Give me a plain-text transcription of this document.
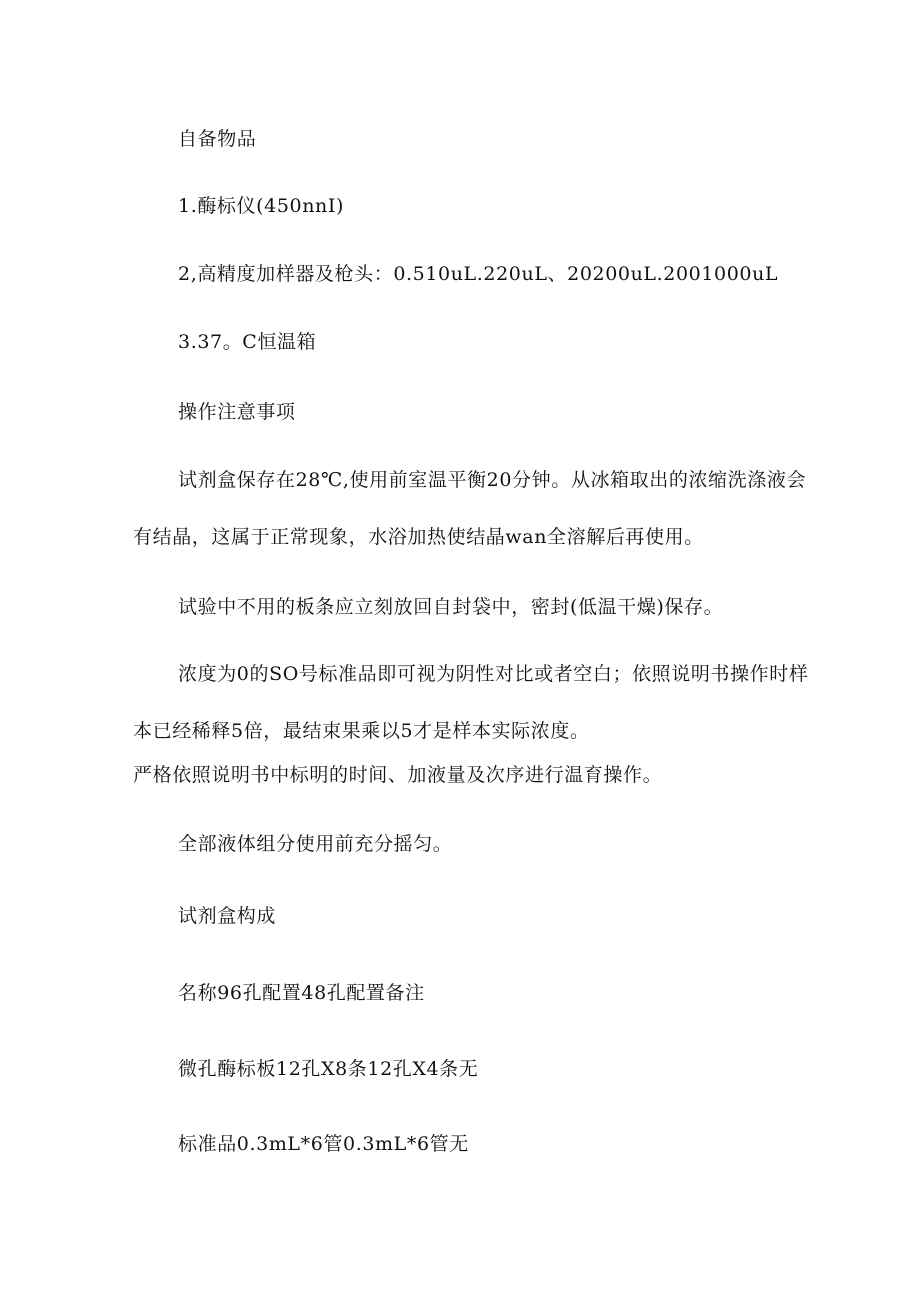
自备物品
1.酶标仪(450nnI)
2,高精度加样器及枪头：0.510uL.220uL、20200uL.2001000uL
3.37。C恒温箱
操作注意事项
试剂盒保存在28℃,使用前室温平衡20分钟。从冰箱取出的浓缩洗涤液会
有结晶，这属于正常现象，水浴加热使结晶wan全溶解后再使用。
试验中不用的板条应立刻放回自封袋中，密封(低温干燥)保存。
浓度为0的SO号标准品即可视为阴性对比或者空白；依照说明书操作时样
本已经稀释5倍，最结束果乘以5才是样本实际浓度。
严格依照说明书中标明的时间、加液量及次序进行温育操作。
全部液体组分使用前充分摇匀。
试剂盒构成
名称96孔配置48孔配置备注
微孔酶标板12孔X8条12孔X4条无
标准品0.3mL*6管0.3mL*6管无
